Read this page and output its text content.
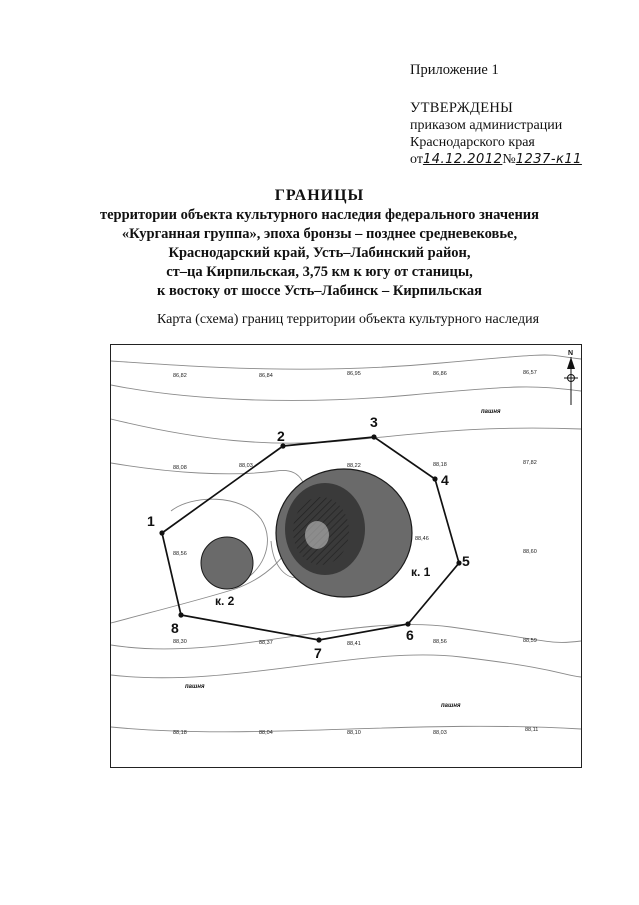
Приложение 1
УТВЕРЖДЕНЫ
приказом администрации
Краснодарского края
от14.12.2012№1237-к11
ГРАНИЦЫ
территории объекта культурного наследия федерального значения
«Курганная группа», эпоха бронзы – позднее средневековье,
Краснодарский край, Усть–Лабинский район,
ст–ца Кирпильская, 3,75 км к югу от станицы,
к востоку от шоссе Усть–Лабинск – Кирпильская
Карта (схема) границ территории объекта культурного наследия
1
2
3
4
5
6
7
8
к. 1
к. 2
86,82	86,84	86,95	86,86	86,57
88,08	88,03	88,22	88,18	87,82
88,56
88,46
88,60
88,30	88,37	88,41	88,56	88,59
88,18	88,04	88,10	88,03	88,11
пашня
пашня
пашня
N
